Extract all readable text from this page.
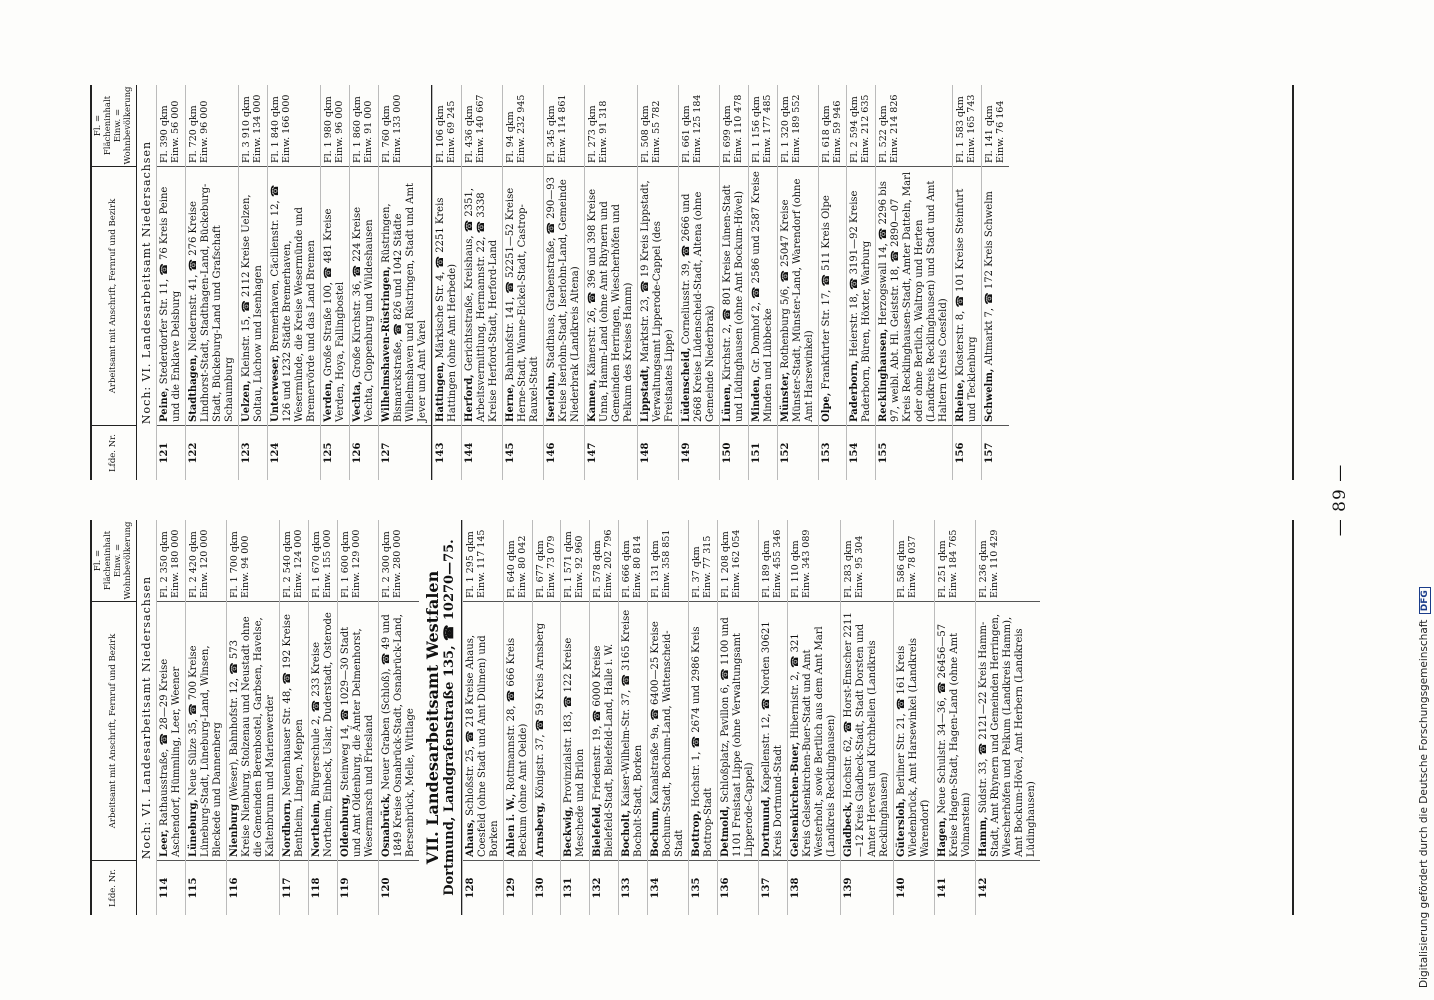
Lfde. Nr.
Arbeitsamt mit Anschrift, Fernruf und Bezirk
Fl. = Flächeninhalt Einw. = Wohnbevölkerung
Noch: VI. Landesarbeitsamt Niedersachsen
114
Leer, Rathausstraße, ☎ 28—29 Kreise Aschendorf, Hümmling, Leer, Weener
Fl. 2 350 qkm Einw. 180 000
115
Lüneburg, Neue Sülze 35, ☎ 700 Kreise Lüneburg-Stadt, Lüneburg-Land, Winsen, Bleckede und Dannenberg
Fl. 2 420 qkm Einw. 120 000
116
Nienburg (Weser), Bahnhofstr. 12, ☎ 573 Kreise Nienburg, Stolzenau und Neustadt ohne die Gemeinden Berenbostel, Garbsen, Havelse, Kaltenbrunn und Marienwerder
Fl. 1 700 qkm Einw. 94 000
117
Nordhorn, Neuenhauser Str. 48, ☎ 192 Kreise Bentheim, Lingen, Meppen
Fl. 2 540 qkm Einw. 124 000
118
Northeim, Bürgerschule 2, ☎ 233 Kreise Northeim, Einbeck, Uslar, Duderstadt, Osterode
Fl. 1 670 qkm Einw. 155 000
119
Oldenburg, Steinweg 14, ☎ 1029—30 Stadt und Amt Oldenburg, die Ämter Delmenhorst, Wesermarsch und Friesland
Fl. 1 600 qkm Einw. 129 000
120
Osnabrück, Neuer Graben (Schloß), ☎ 49 und 1849 Kreise Osnabrück-Stadt, Osnabrück-Land, Bersenbrück, Melle, Wittlage
Fl. 2 300 qkm Einw. 280 000
VII. Landesarbeitsamt Westfalen Dortmund, Landgrafenstraße 135, ☎ 10270—75. 128
Ahaus, Schloßstr. 25, ☎ 218 Kreise Ahaus, Coesfeld (ohne Stadt und Amt Dülmen) und Borken
Fl. 1 295 qkm Einw. 117 145
129
Ahlen i. W., Rottmannstr. 28, ☎ 666 Kreis Beckum (ohne Amt Oelde)
Fl. 640 qkm Einw. 80 042
130
Arnsberg, Königstr. 37, ☎ 59 Kreis Arnsberg
Fl. 677 qkm Einw. 73 079
131
Beckwig, Provinzialstr. 183, ☎ 122 Kreise Meschede und Brilon
Fl. 1 571 qkm Einw. 92 960
132
Bielefeld, Friedenstr. 19, ☎ 6000 Kreise Bielefeld-Stadt, Bielefeld-Land, Halle i. W.
Fl. 578 qkm Einw. 202 796
133
Bocholt, Kaiser-Wilhelm-Str. 37, ☎ 3165 Kreise Bocholt-Stadt, Borken
Fl. 666 qkm Einw. 80 814
134
Bochum, Kanalstraße 9a, ☎ 6400—25 Kreise Bochum-Stadt, Bochum-Land, Wattenscheid-Stadt
Fl. 131 qkm Einw. 358 851
135
Bottrop, Hochstr. 1, ☎ 2674 und 2986 Kreis Bottrop-Stadt
Fl. 37 qkm Einw. 77 315
136
Detmold, Schloßplatz, Pavillon 6, ☎ 1100 und 1101 Freistaat Lippe (ohne Verwaltungsamt Lipperode-Cappel)
Fl. 1 208 qkm Einw. 162 054
137
Dortmund, Kapellenstr. 12, ☎ Norden 30621 Kreis Dortmund-Stadt
Fl. 189 qkm Einw. 455 346
138
Gelsenkirchen-Buer, Hibernistr. 2, ☎ 321 Kreis Gelsenkirchen-Buer-Stadt und Amt Westerholt, sowie Bertlich aus dem Amt Marl (Landkreis Recklinghausen)
Fl. 110 qkm Einw. 343 089
139
Gladbeck, Hochstr. 62, ☎ Horst-Emscher 2211—12 Kreis Gladbeck-Stadt, Stadt Dorsten und Amter Hervest und Kirchhellen (Landkreis Recklinghausen)
Fl. 283 qkm Einw. 95 304
140
Gütersloh, Berliner Str. 21, ☎ 161 Kreis Wiedenbrück, Amt Harsewinkel (Landkreis Warendorf)
Fl. 586 qkm Einw. 78 037
141
Hagen, Neue Schulstr. 34—36, ☎ 26456—57 Kreise Hagen-Stadt, Hagen-Land (ohne Amt Volmarstein)
Fl. 251 qkm Einw. 184 765
142
Hamm, Südstr. 33, ☎ 2121—22 Kreis Hamm-Stadt, Amt Rhynern und Gemeinden Herringen, Wiescherhöfen und Pelkum (Landkreis Hamm), Amt Bockum-Hövel, Amt Herbern (Landkreis Lüdinghausen)
Fl. 236 qkm Einw. 110 429
Lfde. Nr.
Arbeitsamt mit Anschrift, Fernruf und Bezirk
Fl. = Flächeninhalt Einw. = Wohnbevölkerung
Noch: VI. Landesarbeitsamt Niedersachsen
121
Peine, Stederdorfer Str. 11, ☎ 76 Kreis Peine und die Enklave Delsburg
Fl. 390 qkm Einw. 56 000
122
Stadthagen, Niedernstr. 41, ☎ 276 Kreise Lindhorst-Stadt, Stadthagen-Land, Bückeburg-Stadt, Bückeburg-Land und Grafschaft Schaumburg
Fl. 720 qkm Einw. 96 000
123
Uelzen, Kleinstr. 15, ☎ 2112 Kreise Uelzen, Soltau, Lüchow und Isenhagen
Fl. 3 910 qkm Einw. 134 000
124
Unterweser, Bremerhaven, Cäcilienstr. 12, ☎ 126 und 1232 Städte Bremerhaven, Wesermünde, die Kreise Wesermünde und Bremervörde und das Land Bremen
Fl. 1 840 qkm Einw. 166 000
125
Verden, Große Straße 100, ☎ 481 Kreise Verden, Hoya, Fallingbostel
Fl. 1 980 qkm Einw. 96 000
126
Vechta, Große Kirchstr. 36, ☎ 224 Kreise Vechta, Cloppenburg und Wildeshausen
Fl. 1 860 qkm Einw. 91 000
127
Wilhelmshaven-Rüstringen, Rüstringen, Bismarckstraße, ☎ 826 und 1042 Städte Wilhelmshaven und Rüstringen, Stadt und Amt Jever und Amt Varel
Fl. 760 qkm Einw. 133 000
143
Hattingen, Märkische Str. 4, ☎ 2251 Kreis Hattingen (ohne Amt Herbede)
Fl. 106 qkm Einw. 69 245
144
Herford, Gerichtsstraße, Kreishaus, ☎ 2351, Arbeitsvermittlung, Hermannstr. 22, ☎ 3338 Kreise Herford-Stadt, Herford-Land
Fl. 436 qkm Einw. 140 667
145
Herne, Bahnhofstr. 141, ☎ 52251—52 Kreise Herne-Stadt, Wanne-Eickel-Stadt, Castrop-Rauxel-Stadt
Fl. 94 qkm Einw. 232 945
146
Iserlohn, Stadthaus, Grabenstraße, ☎ 290—93 Kreise Iserlohn-Stadt, Iserlohn-Land, Gemeinde Niederbrak (Landkreis Altena)
Fl. 345 qkm Einw. 114 861
147
Kamen, Kämerstr. 26, ☎ 396 und 398 Kreise Unna, Hamm-Land (ohne Amt Rhynern und Gemeinden Herringen, Wiescherhöfen und Pelkum des Kreises Hamm)
Fl. 273 qkm Einw. 91 318
148
Lippstadt, Marktstr. 23, ☎ 19 Kreis Lippstadt, Verwaltungsamt Lipperode-Cappel (des Freistaates Lippe)
Fl. 508 qkm Einw. 55 782
149
Lüdenscheid, Corneliusstr. 39, ☎ 2666 und 2668 Kreise Lüdenscheid-Stadt, Altena (ohne Gemeinde Niederbrak)
Fl. 661 qkm Einw. 125 184
150
Lünen, Kirchstr. 2, ☎ 801 Kreise Lünen-Stadt und Lüdinghausen (ohne Amt Bockum-Hövel)
Fl. 699 qkm Einw. 110 478
151
Minden, Gr. Domhof 2, ☎ 2586 und 2587 Kreise Minden und Lübbecke
Fl. 1 156 qkm Einw. 177 485
152
Münster, Rothenburg 5/6, ☎ 25047 Kreise Münster-Stadt, Münster-Land, Warendorf (ohne Amt Harsewinkel)
Fl. 1 320 qkm Einw. 189 552
153
Olpe, Frankfurter Str. 17, ☎ 511 Kreis Olpe
Fl. 618 qkm Einw. 59 946
154
Paderborn, Heierstr. 18, ☎ 3191—92 Kreise Paderborn, Büren, Höxter, Warburg
Fl. 2 594 qkm Einw. 212 635
155
Recklinghausen, Herzogswall 14, ☎ 2296 bis 97, weibl. Abt. Hl. Geiststr. 18, ☎ 2890—07 Kreis Recklinghausen-Stadt, Amter Datteln, Marl oder ohne Bertlich, Waltrop und Herten (Landkreis Recklinghausen) und Stadt und Amt Haltern (Kreis Coesfeld)
Fl. 522 qkm Einw. 214 826
156
Rheine, Klosterstr. 8, ☎ 101 Kreise Steinfurt und Tecklenburg
Fl. 1 583 qkm Einw. 165 743
157
Schwelm, Altmarkt 7, ☎ 172 Kreis Schwelm
Fl. 141 qkm Einw. 76 164
— 89 —
Digitalisierung gefördert durch die Deutsche Forschungsgemeinschaft DFG
